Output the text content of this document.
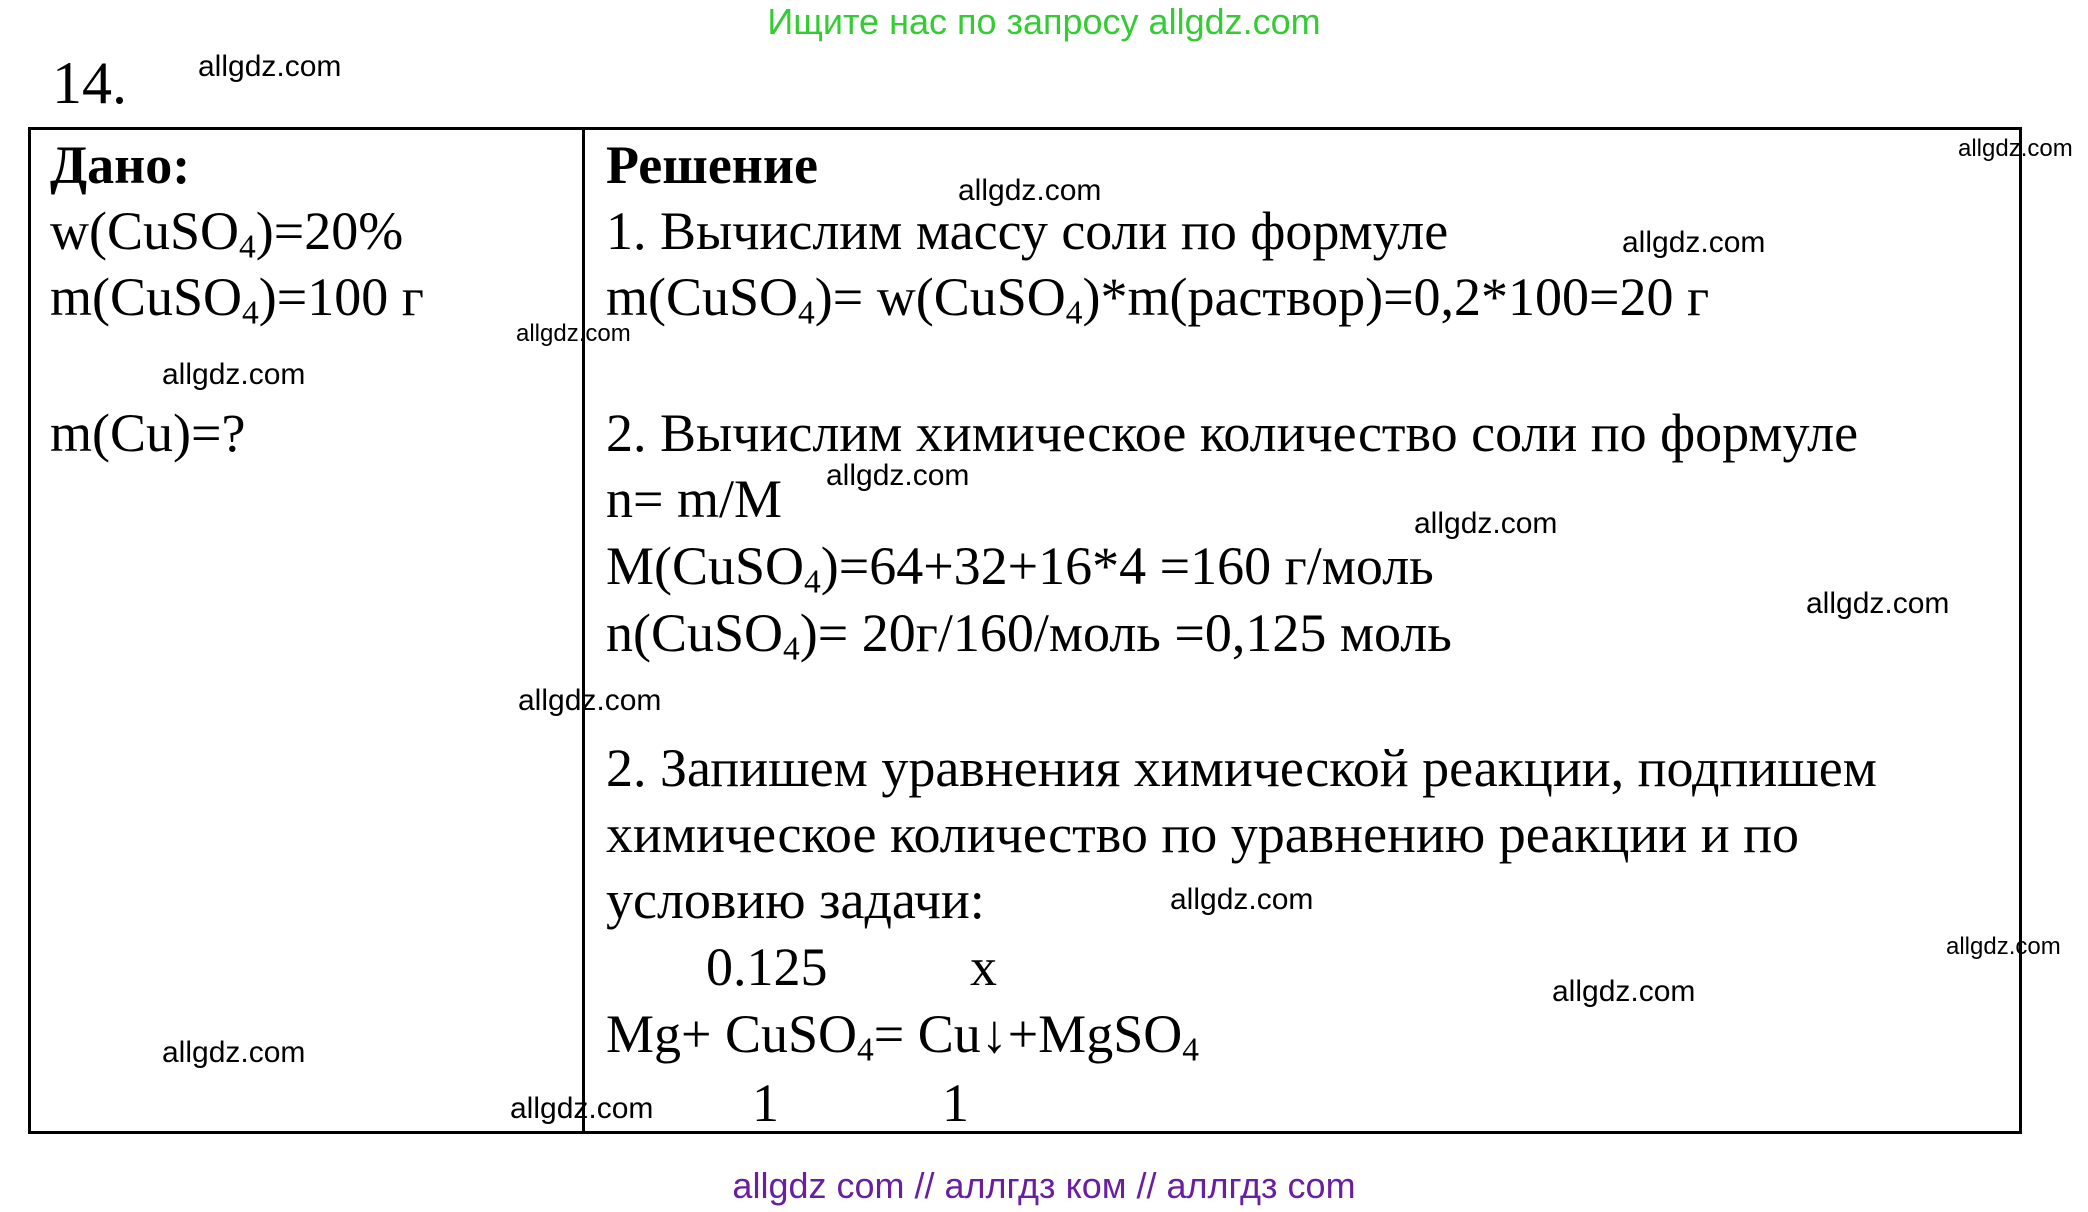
Ищите нас по запросу allgdz.com
14.
Дано:
w(CuSO$_4$)=20%
m(CuSO$_4$)=100 г
m(Cu)=?
Решение
1. Вычислим массу соли по формуле
m(CuSO$_4$)= w(CuSO$_4$)*m(раствор)=0,2*100=20 г
2. Вычислим химическое количество соли по формуле
n= m/M
M(CuSO$_4$)=64+32+16*4 =160 г/моль
n(CuSO$_4$)= 20г/160/моль =0,125 моль
2. Запишем уравнения химической реакции, подпишем
химическое количество по уравнению реакции и по
условию задачи:
0.125	x
Mg+ CuSO$_4$= Cu↓+MgSO$_4$
1	1
allgdz.com
allgdz.com
allgdz.com
allgdz.com
allgdz.com
allgdz.com
allgdz.com
allgdz.com
allgdz.com
allgdz.com
allgdz.com
allgdz.com
allgdz.com
allgdz.com
allgdz.com
allgdz com // аллгдз ком // аллгдз com
